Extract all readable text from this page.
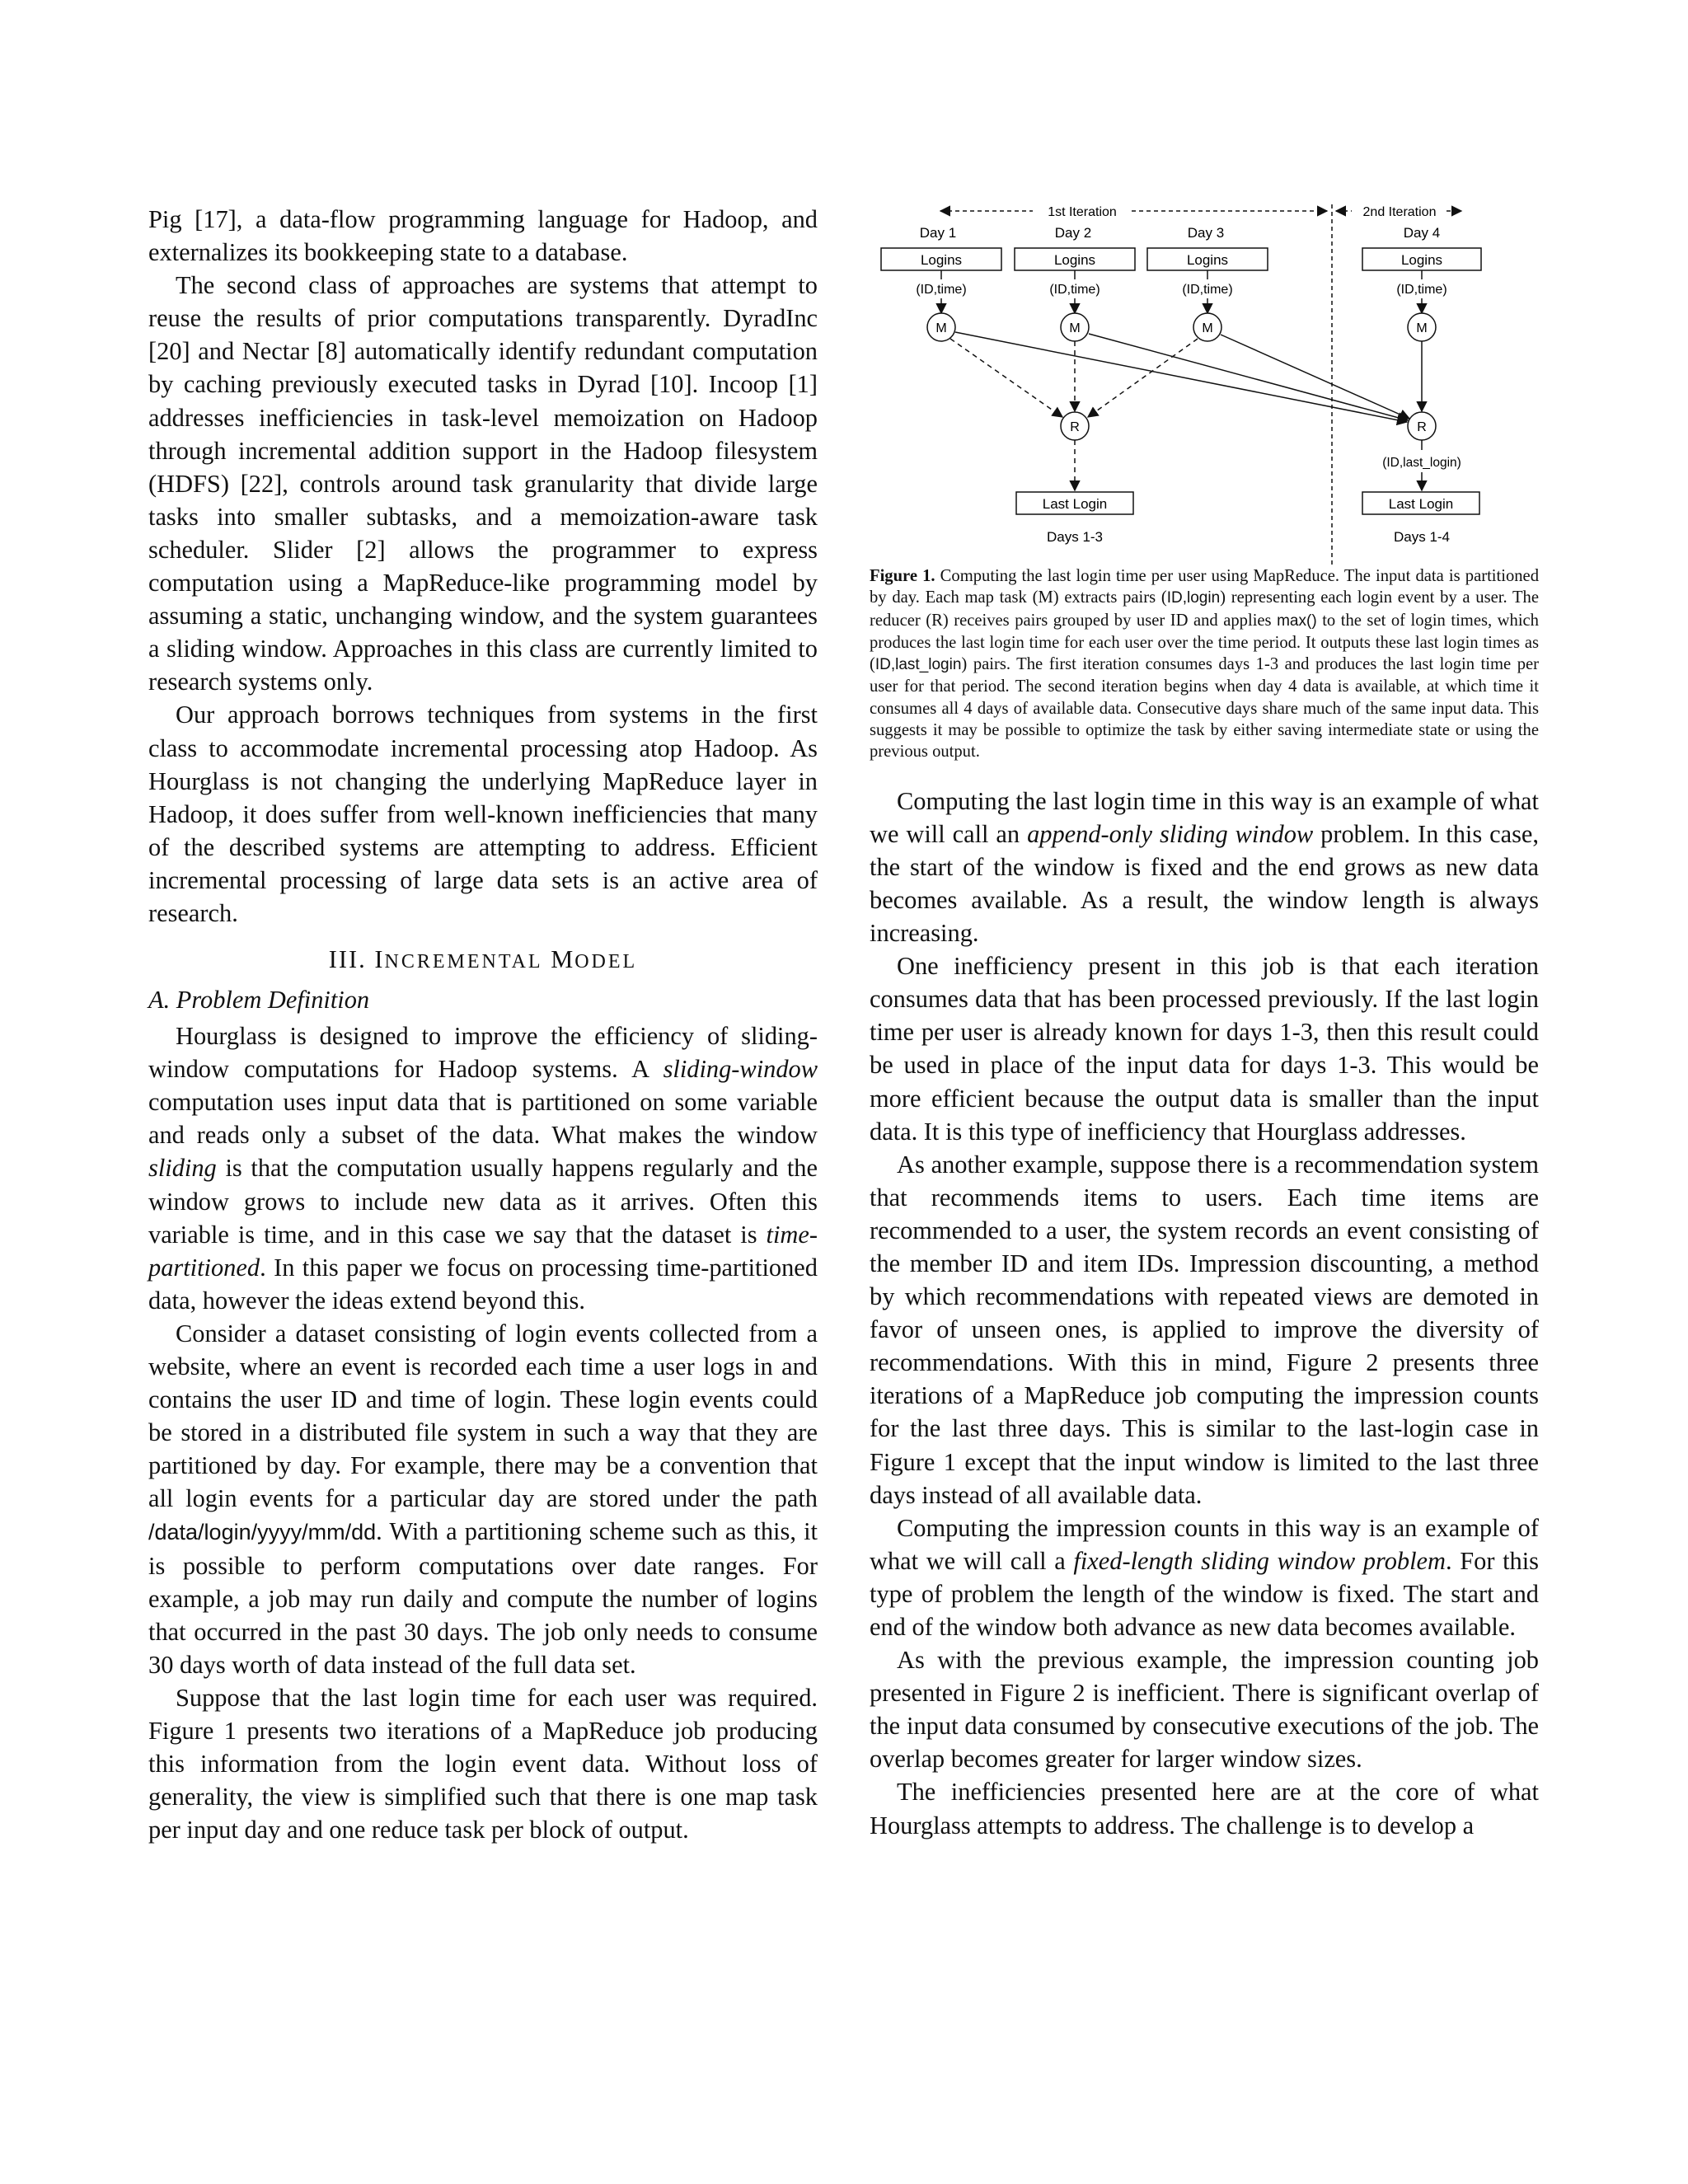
Pig [17], a data-flow programming language for Hadoop, and externalizes its bookkeeping state to a database.

The second class of approaches are systems that attempt to reuse the results of prior computations transparently. DyradInc [20] and Nectar [8] automatically identify redundant computation by caching previously executed tasks in Dyrad [10]. Incoop [1] addresses inefficiencies in task-level memoization on Hadoop through incremental addition support in the Hadoop filesystem (HDFS) [22], controls around task granularity that divide large tasks into smaller subtasks, and a memoization-aware task scheduler. Slider [2] allows the programmer to express computation using a MapReduce-like programming model by assuming a static, unchanging window, and the system guarantees a sliding window. Approaches in this class are currently limited to research systems only.

Our approach borrows techniques from systems in the first class to accommodate incremental processing atop Hadoop. As Hourglass is not changing the underlying MapReduce layer in Hadoop, it does suffer from well-known inefficiencies that many of the described systems are attempting to address. Efficient incremental processing of large data sets is an active area of research.

III. INCREMENTAL MODEL
A. Problem Definition

Hourglass is designed to improve the efficiency of sliding-window computations for Hadoop systems. A sliding-window computation uses input data that is partitioned on some variable and reads only a subset of the data. What makes the window sliding is that the computation usually happens regularly and the window grows to include new data as it arrives. Often this variable is time, and in this case we say that the dataset is time-partitioned. In this paper we focus on processing time-partitioned data, however the ideas extend beyond this.

Consider a dataset consisting of login events collected from a website, where an event is recorded each time a user logs in and contains the user ID and time of login. These login events could be stored in a distributed file system in such a way that they are partitioned by day. For example, there may be a convention that all login events for a particular day are stored under the path /data/login/yyyy/mm/dd. With a partitioning scheme such as this, it is possible to perform computations over date ranges. For example, a job may run daily and compute the number of logins that occurred in the past 30 days. The job only needs to consume 30 days worth of data instead of the full data set.

Suppose that the last login time for each user was required. Figure 1 presents two iterations of a MapReduce job producing this information from the login event data. Without loss of generality, the view is simplified such that there is one map task per input day and one reduce task per block of output.

1st Iteration	2nd Iteration
Day 1
Logins
(ID,time)
M
Day 2
Logins
(ID,time)
M
Day 3
Logins
(ID,time)
M
Day 4
Logins
(ID,time)
M
R
Last Login
Days 1-3
R
(ID,last_login)
Last Login
Days 1-4

Figure 1. Computing the last login time per user using MapReduce. The input data is partitioned by day. Each map task (M) extracts pairs (ID,login) representing each login event by a user. The reducer (R) receives pairs grouped by user ID and applies max() to the set of login times, which produces the last login time for each user over the time period. It outputs these last login times as (ID,last_login) pairs. The first iteration consumes days 1-3 and produces the last login time per user for that period. The second iteration begins when day 4 data is available, at which time it consumes all 4 days of available data. Consecutive days share much of the same input data. This suggests it may be possible to optimize the task by either saving intermediate state or using the previous output.

Computing the last login time in this way is an example of what we will call an append-only sliding window problem. In this case, the start of the window is fixed and the end grows as new data becomes available. As a result, the window length is always increasing.

One inefficiency present in this job is that each iteration consumes data that has been processed previously. If the last login time per user is already known for days 1-3, then this result could be used in place of the input data for days 1-3. This would be more efficient because the output data is smaller than the input data. It is this type of inefficiency that Hourglass addresses.

As another example, suppose there is a recommendation system that recommends items to users. Each time items are recommended to a user, the system records an event consisting of the member ID and item IDs. Impression discounting, a method by which recommendations with repeated views are demoted in favor of unseen ones, is applied to improve the diversity of recommendations. With this in mind, Figure 2 presents three iterations of a MapReduce job computing the impression counts for the last three days. This is similar to the last-login case in Figure 1 except that the input window is limited to the last three days instead of all available data.

Computing the impression counts in this way is an example of what we will call a fixed-length sliding window problem. For this type of problem the length of the window is fixed. The start and end of the window both advance as new data becomes available.

As with the previous example, the impression counting job presented in Figure 2 is inefficient. There is significant overlap of the input data consumed by consecutive executions of the job. The overlap becomes greater for larger window sizes.

The inefficiencies presented here are at the core of what Hourglass attempts to address. The challenge is to develop a
